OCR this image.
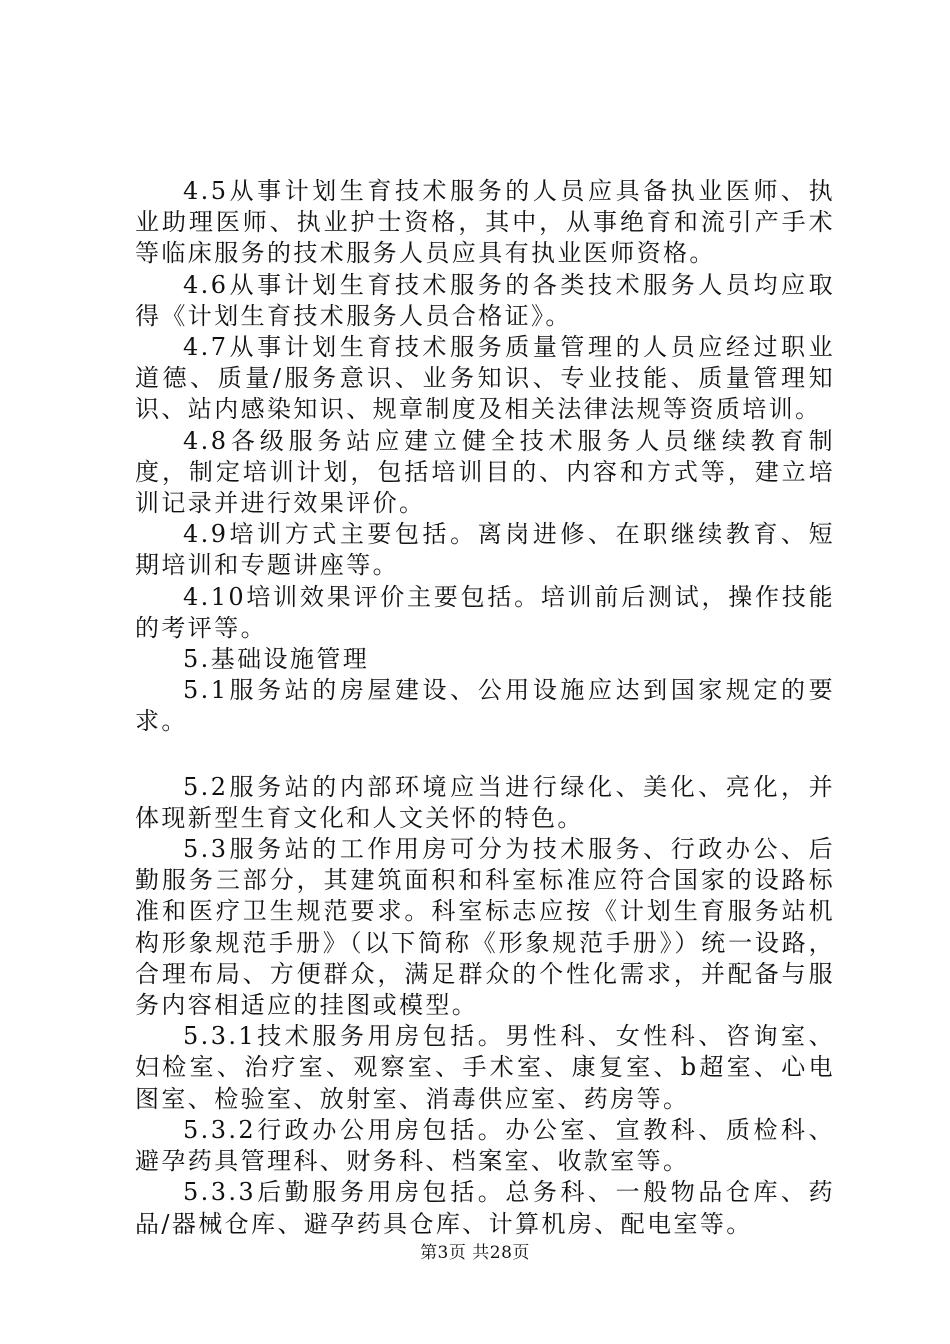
4.5从事计划生育技术服务的人员应具备执业医师、执业助理医师、执业护士资格，其中，从事绝育和流引产手术等临床服务的技术服务人员应具有执业医师资格。

4.6从事计划生育技术服务的各类技术服务人员均应取得《计划生育技术服务人员合格证》。

4.7从事计划生育技术服务质量管理的人员应经过职业道德、质量/服务意识、业务知识、专业技能、质量管理知识、站内感染知识、规章制度及相关法律法规等资质培训。

4.8各级服务站应建立健全技术服务人员继续教育制度，制定培训计划，包括培训目的、内容和方式等，建立培训记录并进行效果评价。

4.9培训方式主要包括。离岗进修、在职继续教育、短期培训和专题讲座等。

4.10培训效果评价主要包括。培训前后测试，操作技能的考评等。

5.基础设施管理

5.1服务站的房屋建设、公用设施应达到国家规定的要求。

5.2服务站的内部环境应当进行绿化、美化、亮化，并体现新型生育文化和人文关怀的特色。

5.3服务站的工作用房可分为技术服务、行政办公、后勤服务三部分，其建筑面积和科室标准应符合国家的设路标准和医疗卫生规范要求。科室标志应按《计划生育服务站机构形象规范手册》（以下简称《形象规范手册》）统一设路，合理布局、方便群众，满足群众的个性化需求，并配备与服务内容相适应的挂图或模型。

5.3.1技术服务用房包括。男性科、女性科、咨询室、妇检室、治疗室、观察室、手术室、康复室、b超室、心电图室、检验室、放射室、消毒供应室、药房等。

5.3.2行政办公用房包括。办公室、宣教科、质检科、避孕药具管理科、财务科、档案室、收款室等。

5.3.3后勤服务用房包括。总务科、一般物品仓库、药品/器械仓库、避孕药具仓库、计算机房、配电室等。

第3页 共28页
